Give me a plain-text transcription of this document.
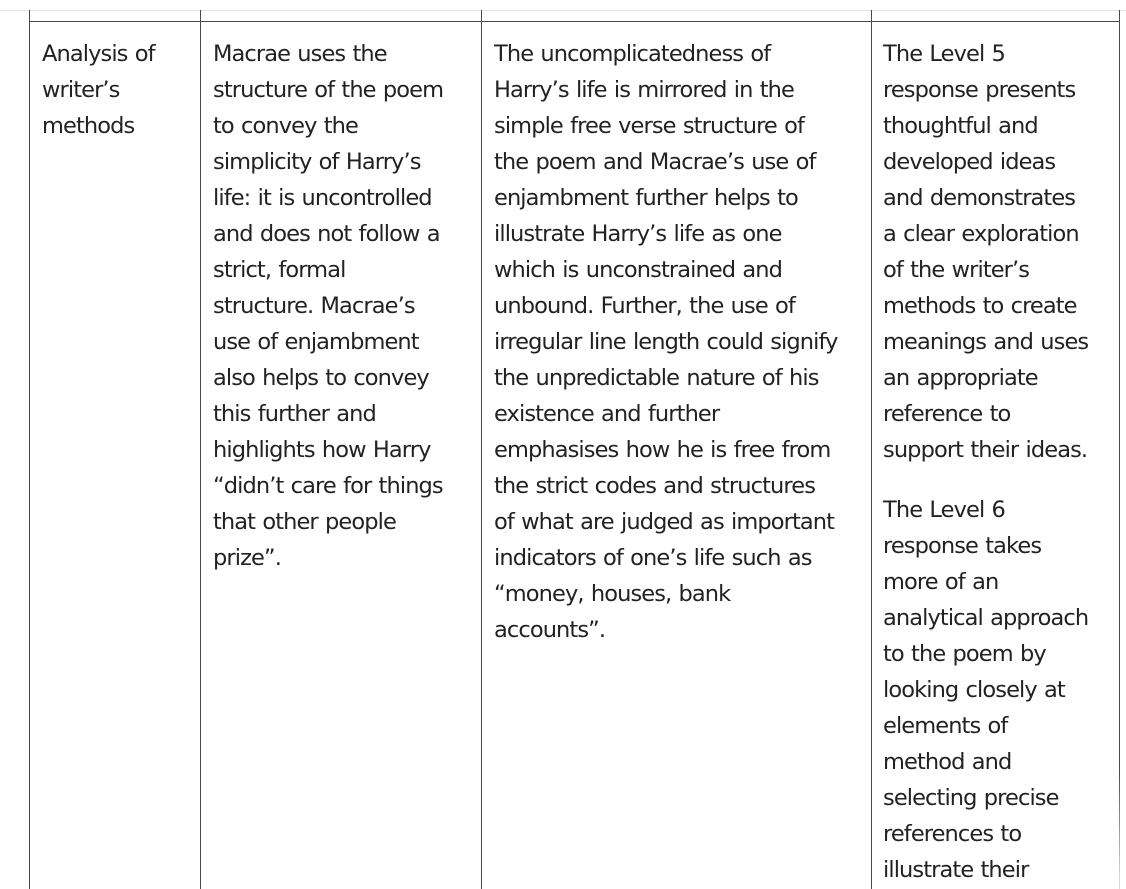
Analysis of
writer’s
methods

Macrae uses the
structure of the poem
to convey the
simplicity of Harry’s
life: it is uncontrolled
and does not follow a
strict, formal
structure. Macrae’s
use of enjambment
also helps to convey
this further and
highlights how Harry
“didn’t care for things
that other people
prize”.

The uncomplicatedness of
Harry’s life is mirrored in the
simple free verse structure of
the poem and Macrae’s use of
enjambment further helps to
illustrate Harry’s life as one
which is unconstrained and
unbound. Further, the use of
irregular line length could signify
the unpredictable nature of his
existence and further
emphasises how he is free from
the strict codes and structures
of what are judged as important
indicators of one’s life such as
“money, houses, bank
accounts”.

The Level 5
response presents
thoughtful and
developed ideas
and demonstrates
a clear exploration
of the writer’s
methods to create
meanings and uses
an appropriate
reference to
support their ideas.

The Level 6
response takes
more of an
analytical approach
to the poem by
looking closely at
elements of
method and
selecting precise
references to
illustrate their
